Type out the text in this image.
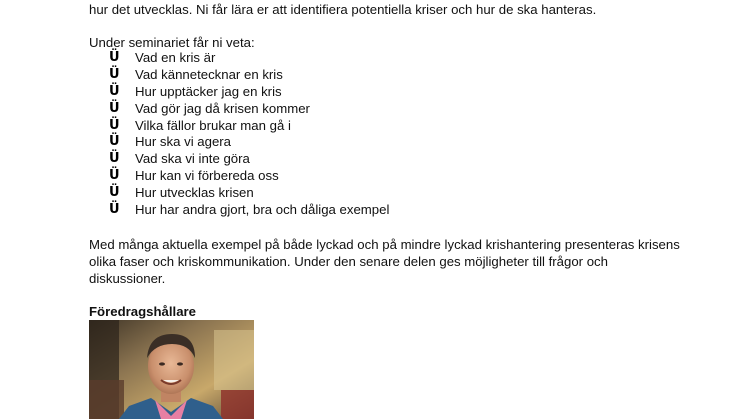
hur det utvecklas. Ni får lära er att identifiera potentiella kriser och hur de ska hanteras.
Under seminariet får ni veta:
Ü	Vad en kris är
Ü	Vad kännetecknar en kris
Ü	Hur upptäcker jag en kris
Ü	Vad gör jag då krisen kommer
Ü	Vilka fällor brukar man gå i
Ü	Hur ska vi agera
Ü	Vad ska vi inte göra
Ü	Hur kan vi förbereda oss
Ü	Hur utvecklas krisen
Ü	Hur har andra gjort, bra och dåliga exempel
Med många aktuella exempel på både lyckad och på mindre lyckad krishantering presenteras krisens
olika faser och kriskommunikation. Under den senare delen ges möjligheter till frågor och
diskussioner.
Föredragshållare
